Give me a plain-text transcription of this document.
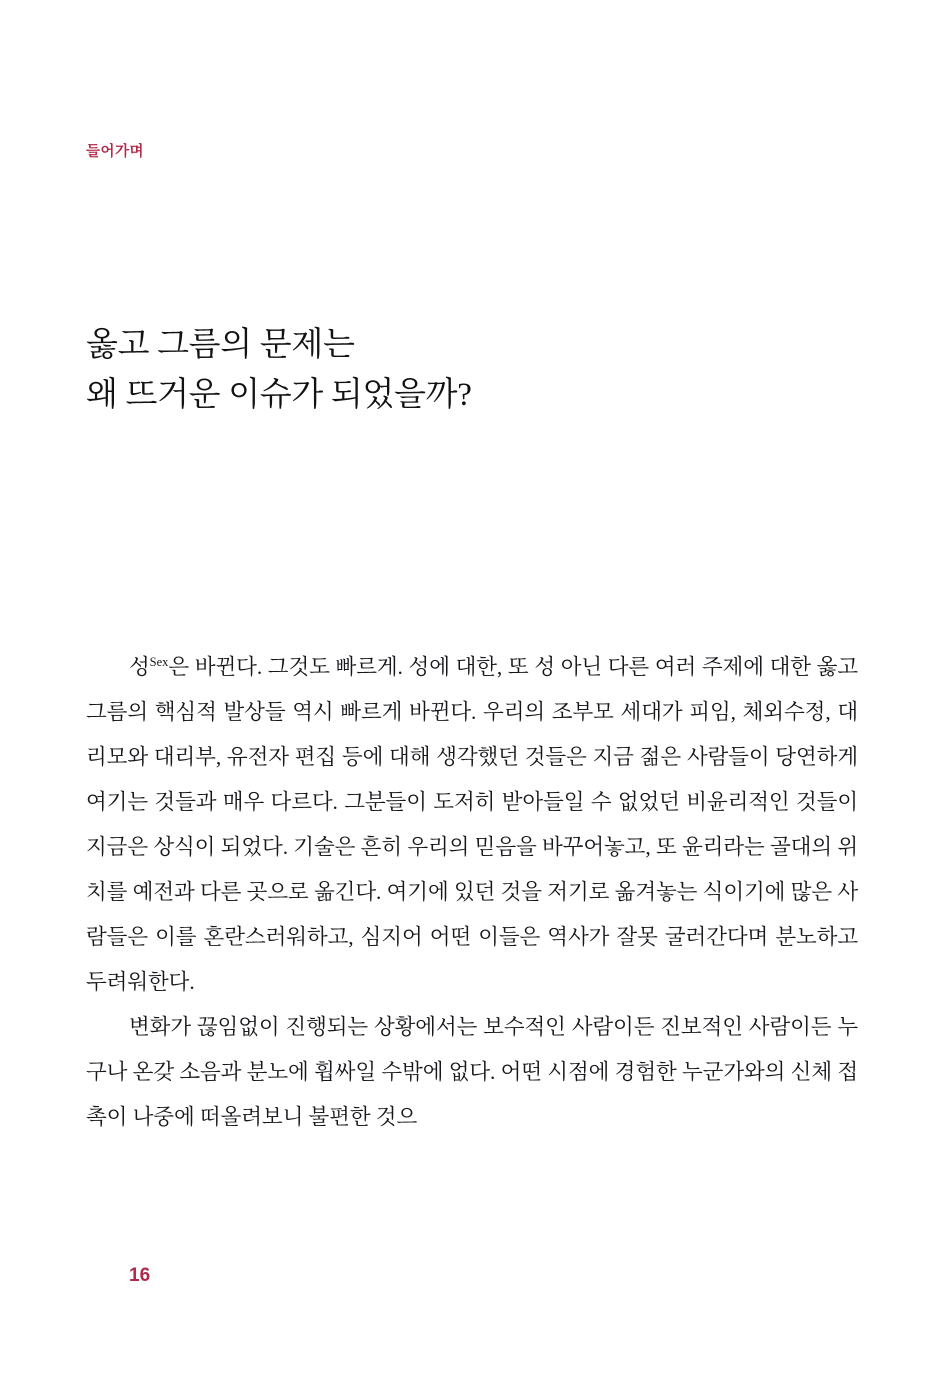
들어가며
옳고 그름의 문제는
왜 뜨거운 이슈가 되었을까?

성$^{Sex}$은 바뀐다. 그것도 빠르게. 성에 대한, 또 성 아닌 다른 여러 주제에 대한 옳고 그름의 핵심적 발상들 역시 빠르게 바뀐다. 우리의 조부모 세대가 피임, 체외수정, 대리모와 대리부, 유전자 편집 등에 대해 생각했던 것들은 지금 젊은 사람들이 당연하게 여기는 것들과 매우 다르다. 그분들이 도저히 받아들일 수 없었던 비윤리적인 것들이 지금은 상식이 되었다. 기술은 흔히 우리의 믿음을 바꾸어놓고, 또 윤리라는 골대의 위치를 예전과 다른 곳으로 옮긴다. 여기에 있던 것을 저기로 옮겨놓는 식이기에 많은 사람들은 이를 혼란스러워하고, 심지어 어떤 이들은 역사가 잘못 굴러간다며 분노하고 두려워한다.

변화가 끊임없이 진행되는 상황에서는 보수적인 사람이든 진보적인 사람이든 누구나 온갖 소음과 분노에 휩싸일 수밖에 없다. 어떤 시점에 경험한 누군가와의 신체 접촉이 나중에 떠올려보니 불편한 것으

16
